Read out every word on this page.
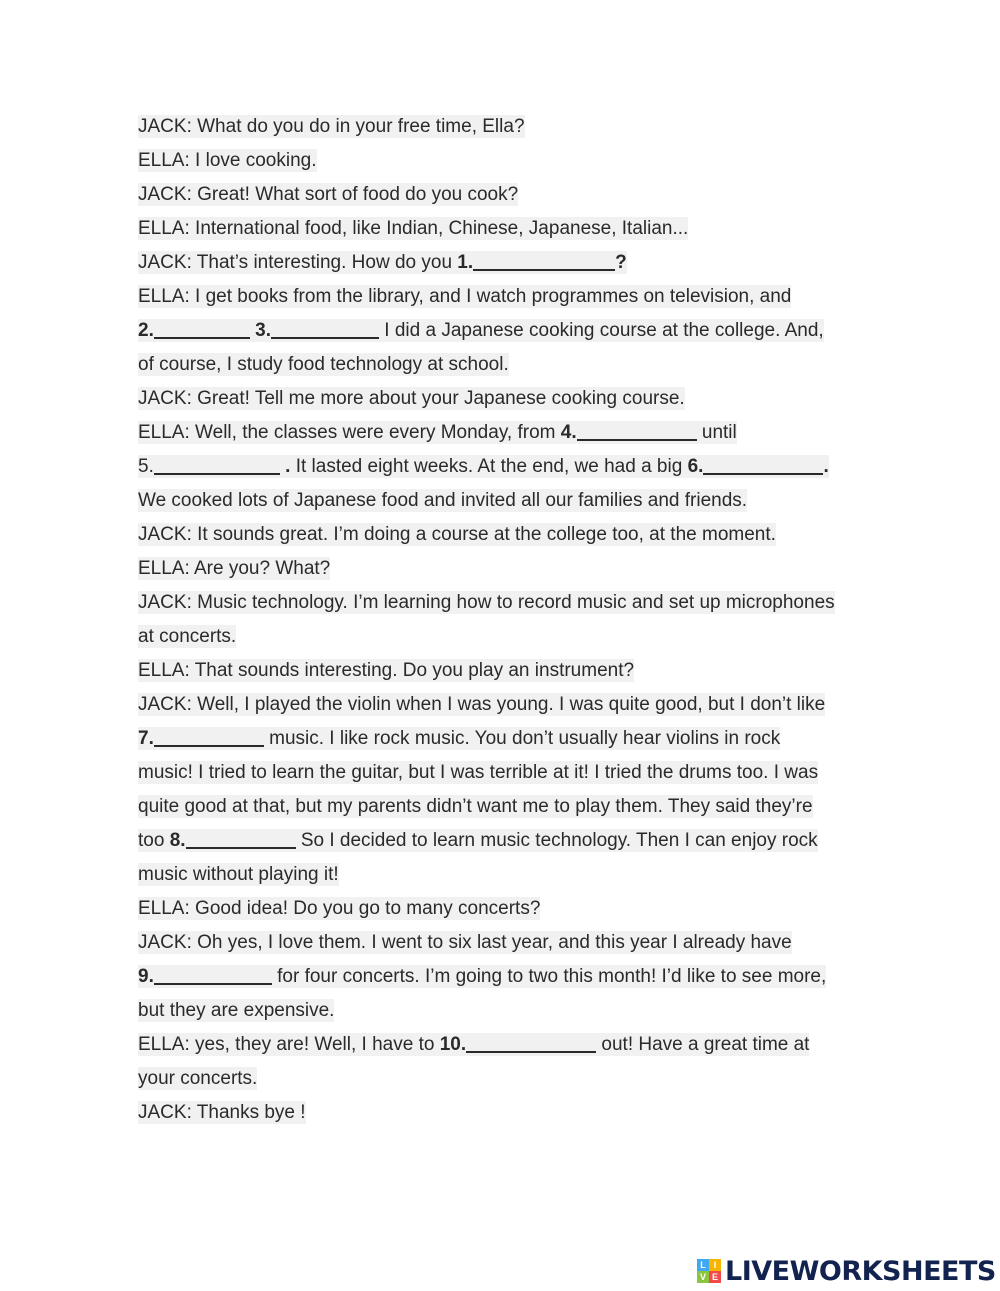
JACK: What do you do in your free time, Ella?
ELLA: I love cooking.
JACK: Great! What sort of food do you cook?
ELLA: International food, like Indian, Chinese, Japanese, Italian...
JACK: That’s interesting. How do you 1.	?
ELLA: I get books from the library, and I watch programmes on television, and
2.	3.	I did a Japanese cooking course at the college. And,
of course, I study food technology at school.
JACK: Great! Tell me more about your Japanese cooking course.
ELLA: Well, the classes were every Monday, from 4.	until
5.	. It lasted eight weeks. At the end, we had a big 6.	.
We cooked lots of Japanese food and invited all our families and friends.
JACK: It sounds great. I’m doing a course at the college too, at the moment.
ELLA: Are you? What?
JACK: Music technology. I’m learning how to record music and set up microphones
at concerts.
ELLA: That sounds interesting. Do you play an instrument?
JACK: Well, I played the violin when I was young. I was quite good, but I don’t like
7.	music. I like rock music. You don’t usually hear violins in rock
music! I tried to learn the guitar, but I was terrible at it! I tried the drums too. I was
quite good at that, but my parents didn’t want me to play them. They said they’re
too 8.	So I decided to learn music technology. Then I can enjoy rock
music without playing it!
ELLA: Good idea! Do you go to many concerts?
JACK: Oh yes, I love them. I went to six last year, and this year I already have
9.	for four concerts. I’m going to two this month! I’d like to see more,
but they are expensive.
ELLA: yes, they are! Well, I have to 10.	out! Have a great time at
your concerts.
JACK: Thanks bye !
L I
V E LIVEWORKSHEETS
